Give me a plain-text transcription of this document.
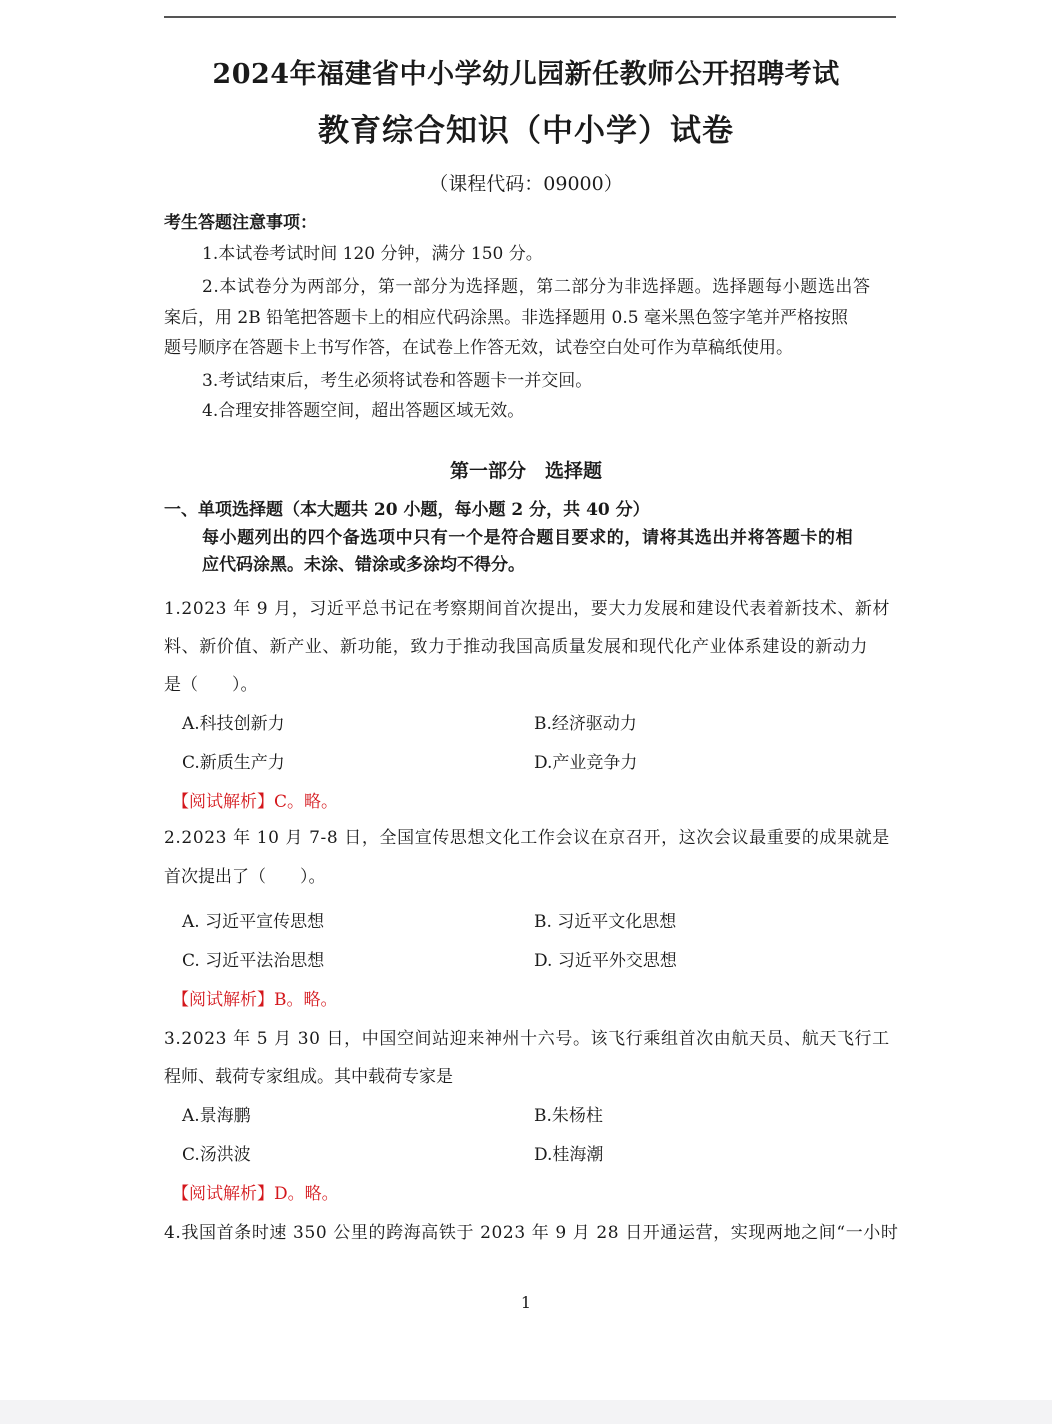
2024年福建省中小学幼儿园新任教师公开招聘考试
教育综合知识（中小学）试卷
（课程代码：09000）
考生答题注意事项：
1.本试卷考试时间 120 分钟，满分 150 分。
2.本试卷分为两部分，第一部分为选择题，第二部分为非选择题。选择题每小题选出答
案后，用 2B 铅笔把答题卡上的相应代码涂黑。非选择题用 0.5 毫米黑色签字笔并严格按照
题号顺序在答题卡上书写作答，在试卷上作答无效，试卷空白处可作为草稿纸使用。
3.考试结束后，考生必须将试卷和答题卡一并交回。
4.合理安排答题空间，超出答题区域无效。
第一部分　选择题
一、单项选择题（本大题共 20 小题，每小题 2 分，共 40 分）
每小题列出的四个备选项中只有一个是符合题目要求的，请将其选出并将答题卡的相
应代码涂黑。未涂、错涂或多涂均不得分。
1.2023 年 9 月，习近平总书记在考察期间首次提出，要大力发展和建设代表着新技术、新材
料、新价值、新产业、新功能，致力于推动我国高质量发展和现代化产业体系建设的新动力
是（　　）。
A.科技创新力	B.经济驱动力
C.新质生产力	D.产业竞争力
【阅试解析】C。略。
2.2023 年 10 月 7-8 日，全国宣传思想文化工作会议在京召开，这次会议最重要的成果就是
首次提出了（　　）。
A. 习近平宣传思想	B. 习近平文化思想
C. 习近平法治思想	D. 习近平外交思想
【阅试解析】B。略。
3.2023 年 5 月 30 日，中国空间站迎来神州十六号。该飞行乘组首次由航天员、航天飞行工
程师、载荷专家组成。其中载荷专家是
A.景海鹏	B.朱杨柱
C.汤洪波	D.桂海潮
【阅试解析】D。略。
4.我国首条时速 350 公里的跨海高铁于 2023 年 9 月 28 日开通运营，实现两地之间“一小时
1
